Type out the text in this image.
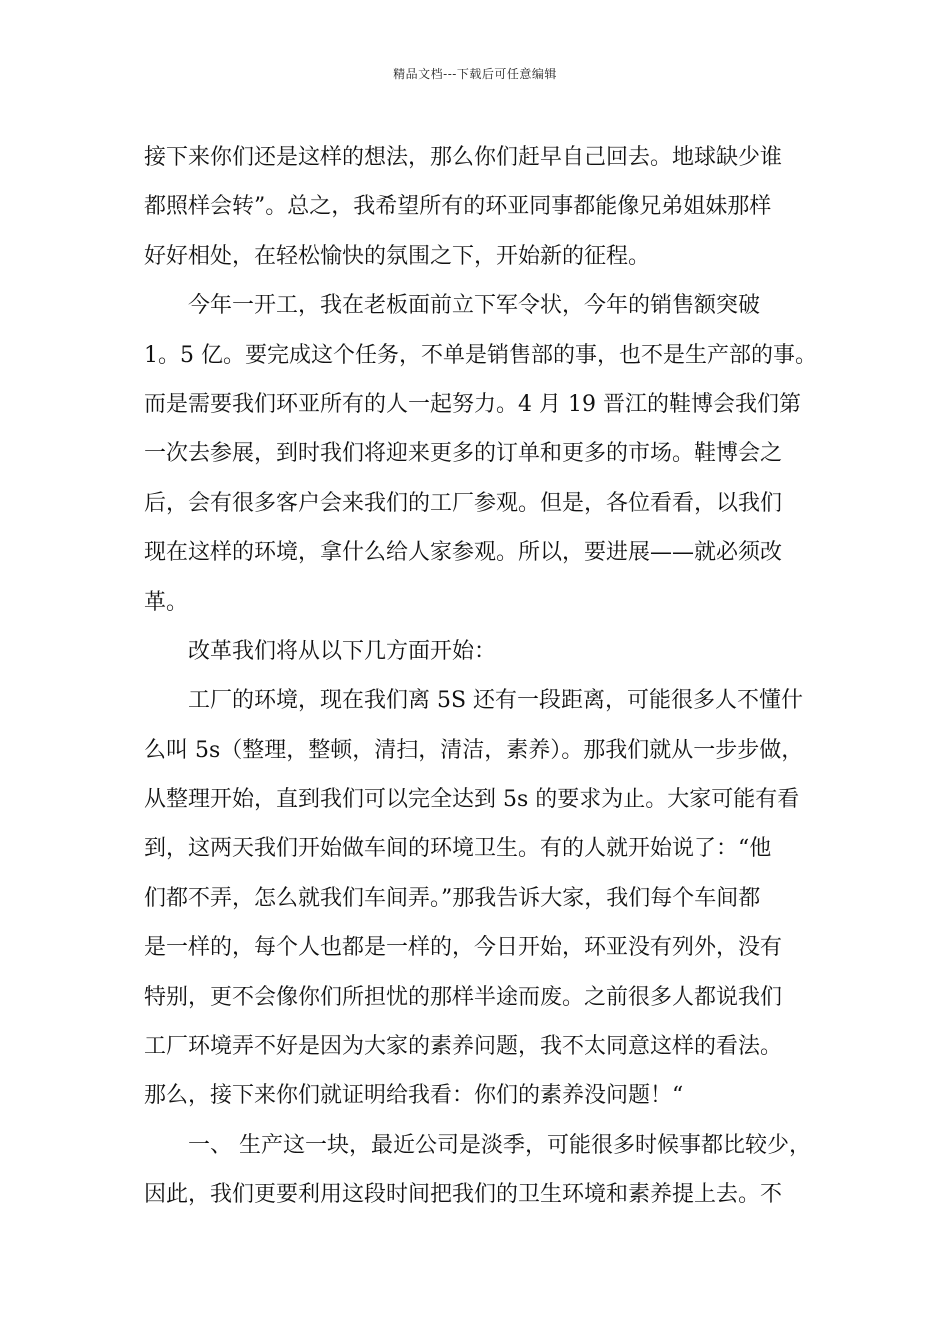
精品文档---下载后可任意编辑
接下来你们还是这样的想法，那么你们赶早自己回去。地球缺少谁
都照样会转”。总之，我希望所有的环亚同事都能像兄弟姐妹那样
好好相处，在轻松愉快的氛围之下，开始新的征程。
今年一开工，我在老板面前立下军令状，今年的销售额突破
1。5 亿。要完成这个任务，不单是销售部的事，也不是生产部的事。
而是需要我们环亚所有的人一起努力。4 月 19 晋江的鞋博会我们第
一次去参展，到时我们将迎来更多的订单和更多的市场。鞋博会之
后，会有很多客户会来我们的工厂参观。但是，各位看看，以我们
现在这样的环境，拿什么给人家参观。所以，要进展——就必须改
革。
改革我们将从以下几方面开始：
工厂的环境，现在我们离 5S 还有一段距离，可能很多人不懂什
么叫 5s（整理，整顿，清扫，清洁，素养）。那我们就从一步步做，
从整理开始，直到我们可以完全达到 5s 的要求为止。大家可能有看
到，这两天我们开始做车间的环境卫生。有的人就开始说了：“他
们都不弄，怎么就我们车间弄。”那我告诉大家，我们每个车间都
是一样的，每个人也都是一样的，今日开始，环亚没有列外，没有
特别，更不会像你们所担忧的那样半途而废。之前很多人都说我们
工厂环境弄不好是因为大家的素养问题，我不太同意这样的看法。
那么，接下来你们就证明给我看：你们的素养没问题！“
一、 生产这一块，最近公司是淡季，可能很多时候事都比较少，
因此，我们更要利用这段时间把我们的卫生环境和素养提上去。不
